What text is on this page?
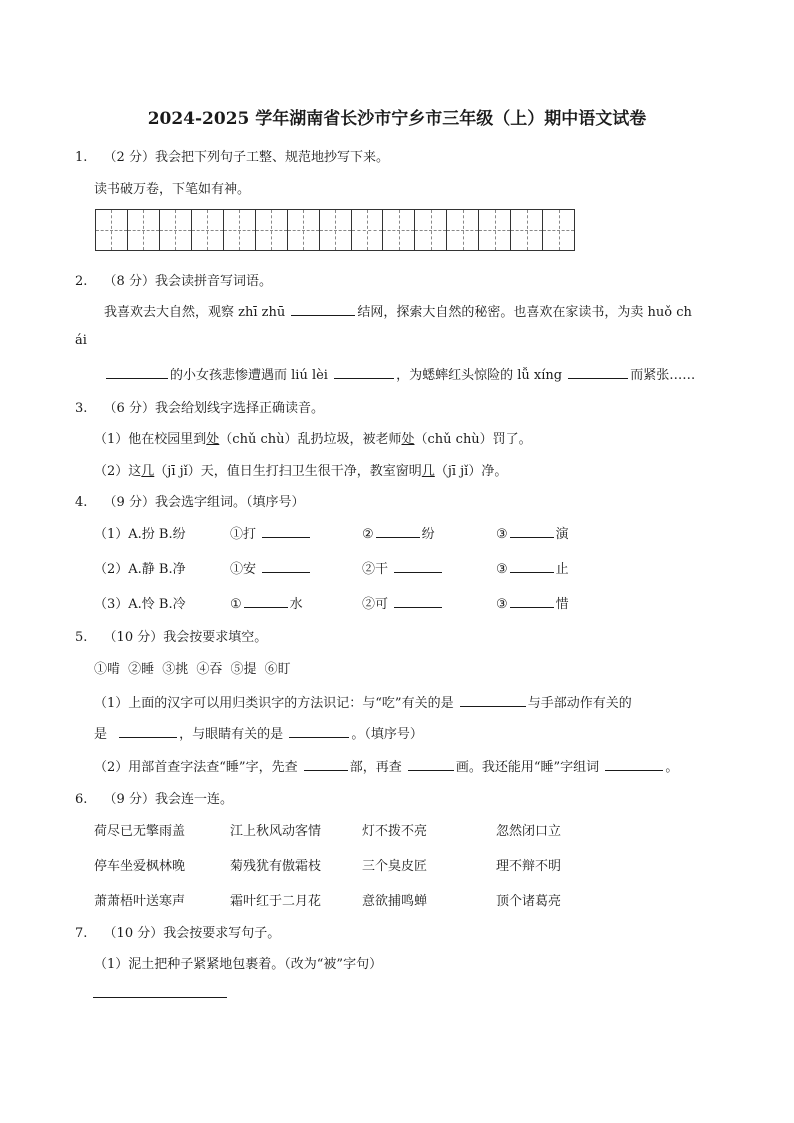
2024-2025 学年湖南省长沙市宁乡市三年级（上）期中语文试卷
1. （2 分）我会把下列句子工整、规范地抄写下来。
读书破万卷，下笔如有神。
2. （8 分）我会读拼音写词语。
我喜欢去大自然，观察 zhī zhū	结网，探索大自然的秘密。也喜欢在家读书，为卖 huǒ ch
ái
的小女孩悲惨遭遇而 liú lèi	，为蟋蟀红头惊险的 lǚ xíng	而紧张……
3. （6 分）我会给划线字选择正确读音。
（1）他在校园里到处（chǔ chù）乱扔垃圾，被老师处（chǔ chù）罚了。
（2）这几（jī jǐ）天，值日生打扫卫生很干净，教室窗明几（jī jǐ）净。
4. （9 分）我会选字组词。（填序号）
（1）A.扮 B.纷	①打	②	纷	③	演
（2）A.静 B.净	①安	②干	③	止
（3）A.怜 B.冷	①	水	②可	③	惜
5. （10 分）我会按要求填空。
①啃 ②睡 ③挑 ④吞 ⑤提 ⑥盯
（1）上面的汉字可以用归类识字的方法识记：与“吃”有关的是	与手部动作有关的
是	，与眼睛有关的是	。（填序号）
（2）用部首查字法查“睡”字，先查	部，再查	画。我还能用“睡”字组词	。
6. （9 分）我会连一连。
荷尽已无擎雨盖	江上秋风动客情	灯不拨不亮	忽然闭口立
停车坐爱枫林晚	菊残犹有傲霜枝	三个臭皮匠	理不辩不明
萧萧梧叶送寒声	霜叶红于二月花	意欲捕鸣蝉	顶个诸葛亮
7. （10 分）我会按要求写句子。
（1）泥土把种子紧紧地包裹着。（改为“被”字句）
